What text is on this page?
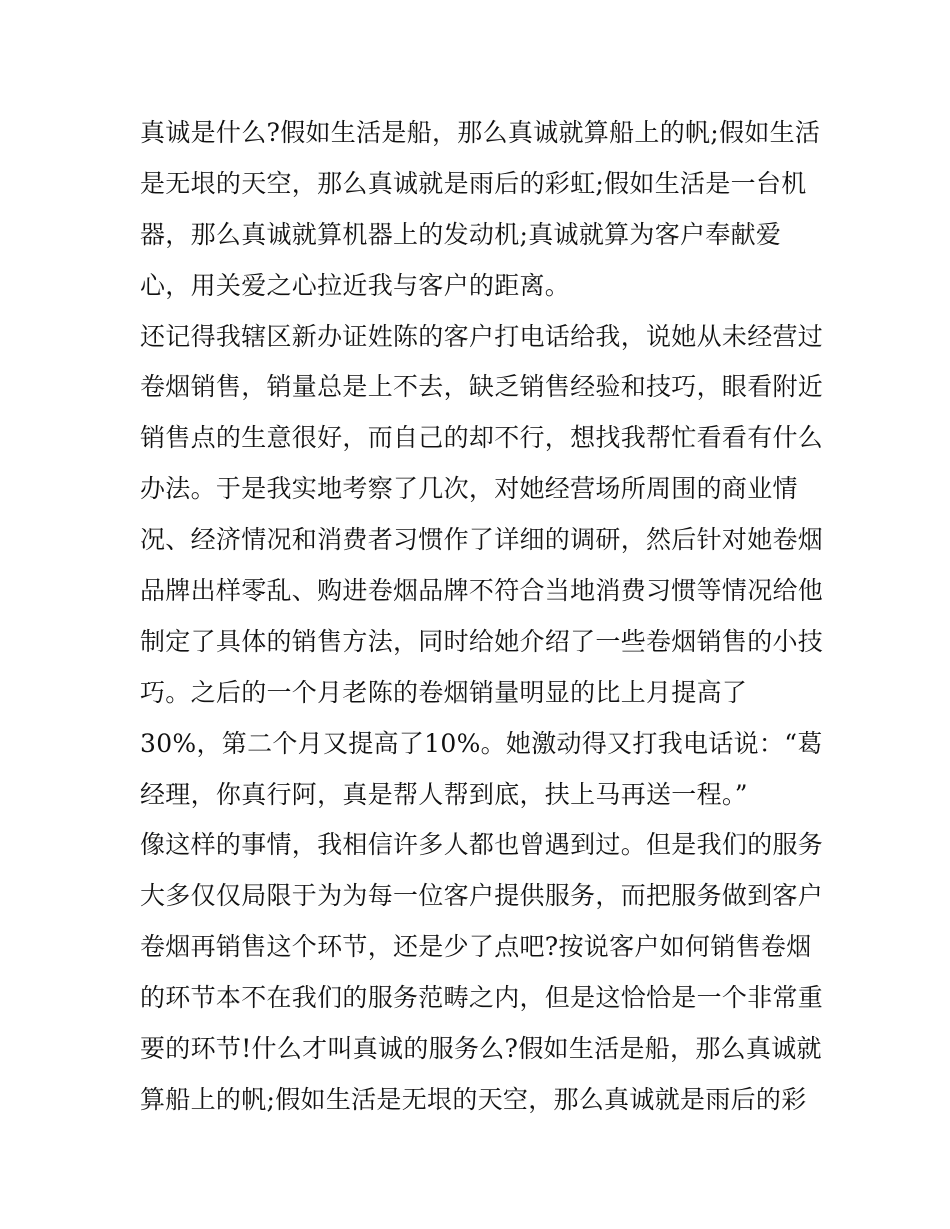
真诚是什么?假如生活是船，那么真诚就算船上的帆;假如生活
是无垠的天空，那么真诚就是雨后的彩虹;假如生活是一台机
器，那么真诚就算机器上的发动机;真诚就算为客户奉献爱
心，用关爱之心拉近我与客户的距离。
还记得我辖区新办证姓陈的客户打电话给我，说她从未经营过
卷烟销售，销量总是上不去，缺乏销售经验和技巧，眼看附近
销售点的生意很好，而自己的却不行，想找我帮忙看看有什么
办法。于是我实地考察了几次，对她经营场所周围的商业情
况、经济情况和消费者习惯作了详细的调研，然后针对她卷烟
品牌出样零乱、购进卷烟品牌不符合当地消费习惯等情况给他
制定了具体的销售方法，同时给她介绍了一些卷烟销售的小技
巧。之后的一个月老陈的卷烟销量明显的比上月提高了
30%，第二个月又提高了10%。她激动得又打我电话说：“葛
经理，你真行阿，真是帮人帮到底，扶上马再送一程。”
像这样的事情，我相信许多人都也曾遇到过。但是我们的服务
大多仅仅局限于为为每一位客户提供服务，而把服务做到客户
卷烟再销售这个环节，还是少了点吧?按说客户如何销售卷烟
的环节本不在我们的服务范畴之内，但是这恰恰是一个非常重
要的环节!什么才叫真诚的服务么?假如生活是船，那么真诚就
算船上的帆;假如生活是无垠的天空，那么真诚就是雨后的彩
